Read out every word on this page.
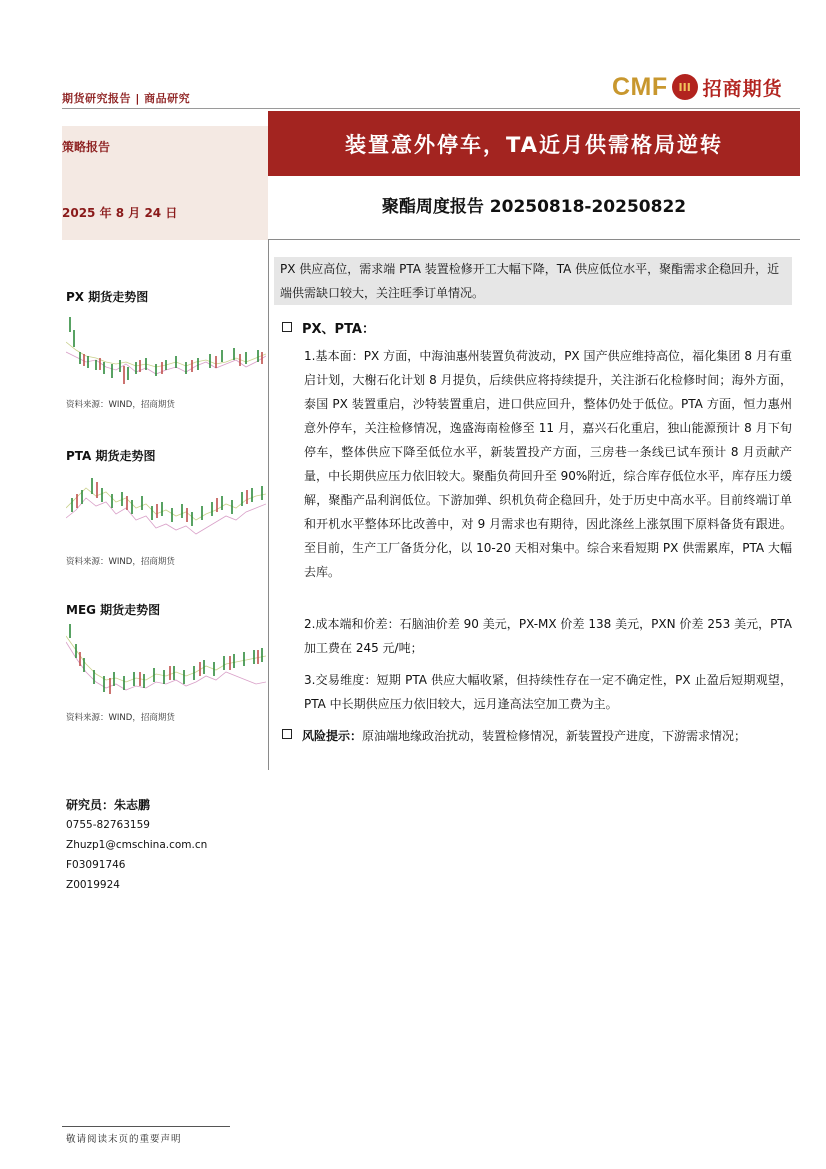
期货研究报告 | 商品研究	CMF III 招商期货
策略报告	装置意外停车，TA近月供需格局逆转
2025 年 8 月 24 日	聚酯周度报告 20250818-20250822
PX 供应高位，需求端 PTA 装置检修开工大幅下降，TA 供应低位水平，聚酯需求企稳回升，近端供需缺口较大，关注旺季订单情况。
PX 期货走势图
资料来源：WIND，招商期货
PTA 期货走势图
资料来源：WIND，招商期货
MEG 期货走势图
资料来源：WIND，招商期货
研究员：朱志鹏
0755-82763159
Zhuzp1@cmschina.com.cn
F03091746
Z0019924
PX、PTA：
1.基本面：PX 方面，中海油惠州装置负荷波动，PX 国产供应维持高位，福化集团 8 月有重启计划，大榭石化计划 8 月提负，后续供应将持续提升，关注浙石化检修时间；海外方面，泰国 PX 装置重启，沙特装置重启，进口供应回升，整体仍处于低位。PTA 方面，恒力惠州意外停车，关注检修情况，逸盛海南检修至 11 月，嘉兴石化重启，独山能源预计 8 月下旬停车，整体供应下降至低位水平，新装置投产方面，三房巷一条线已试车预计 8 月贡献产量，中长期供应压力依旧较大。聚酯负荷回升至 90%附近，综合库存低位水平，库存压力缓解，聚酯产品利润低位。下游加弹、织机负荷企稳回升，处于历史中高水平。目前终端订单和开机水平整体环比改善中，对 9 月需求也有期待，因此涤丝上涨氛围下原料备货有跟进。至目前，生产工厂备货分化，以 10-20 天相对集中。综合来看短期 PX 供需累库，PTA 大幅去库。
2.成本端和价差：石脑油价差 90 美元，PX-MX 价差 138 美元，PXN 价差 253 美元，PTA 加工费在 245 元/吨；
3.交易维度：短期 PTA 供应大幅收紧，但持续性存在一定不确定性，PX 止盈后短期观望，PTA 中长期供应压力依旧较大，远月逢高法空加工费为主。
风险提示：原油端地缘政治扰动，装置检修情况，新装置投产进度，下游需求情况；
敬请阅读末页的重要声明
